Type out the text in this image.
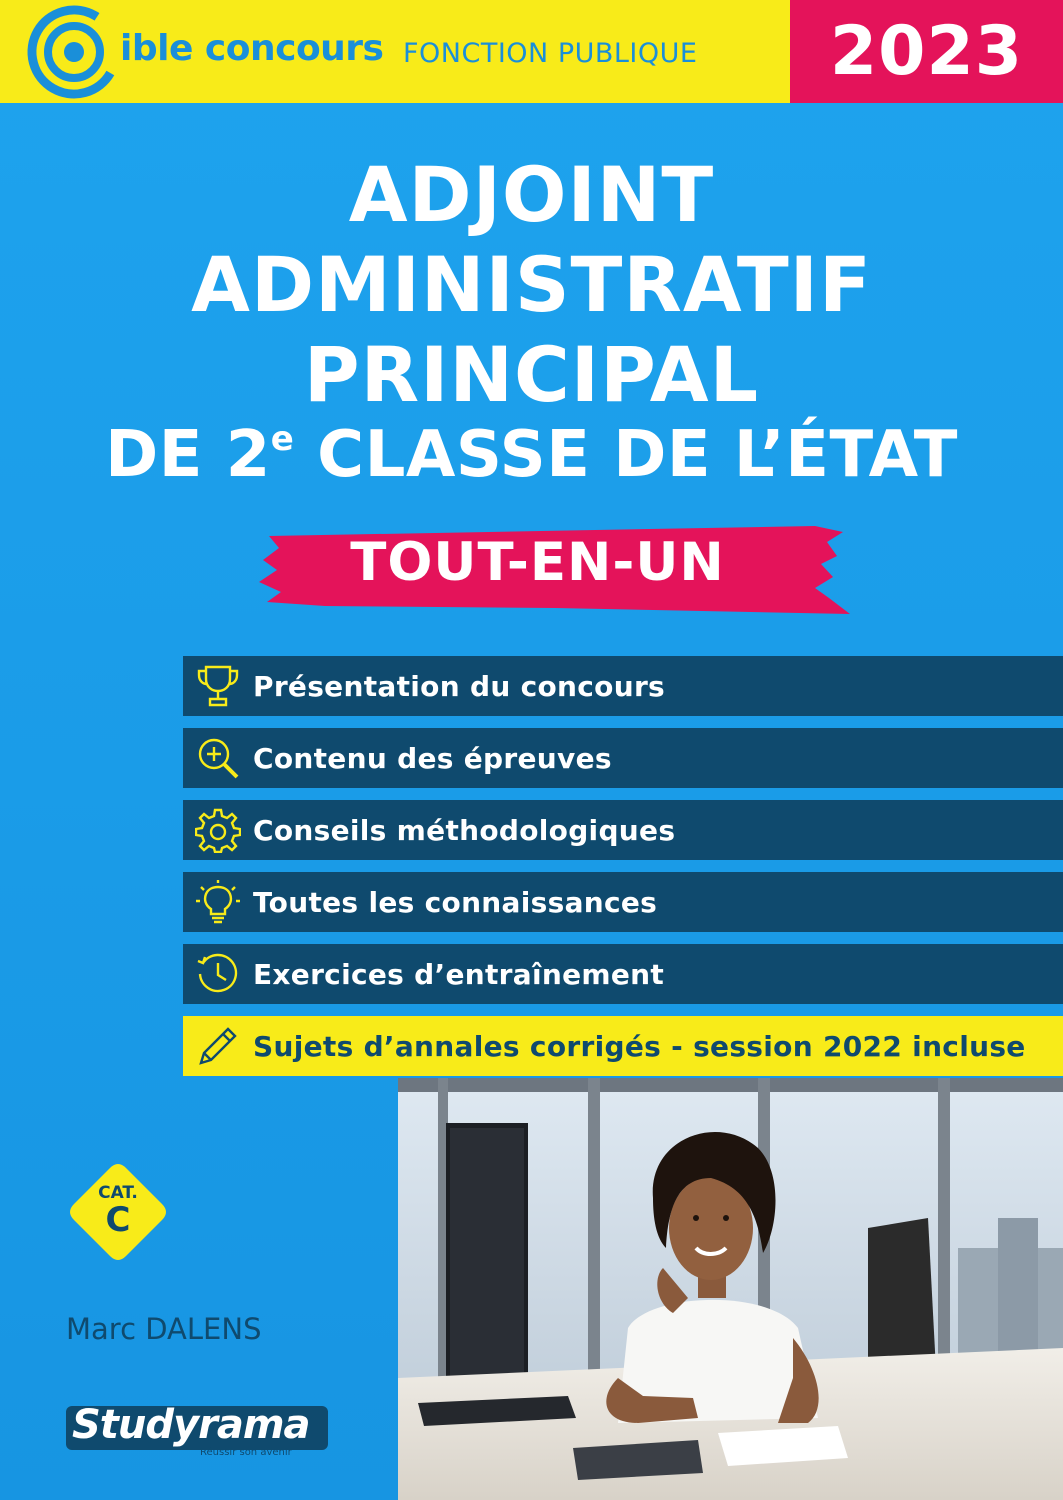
ible concours FONCTION PUBLIQUE 2023
ADJOINT
ADMINISTRATIF
PRINCIPAL
DE 2e CLASSE DE L’ÉTAT
TOUT-EN-UN
Présentation du concours
Contenu des épreuves
Conseils méthodologiques
Toutes les connaissances
Exercices d’entraînement
Sujets d’annales corrigés - session 2022 incluse
CAT.
C
Marc DALENS
Studyrama
Réussir son avenir
